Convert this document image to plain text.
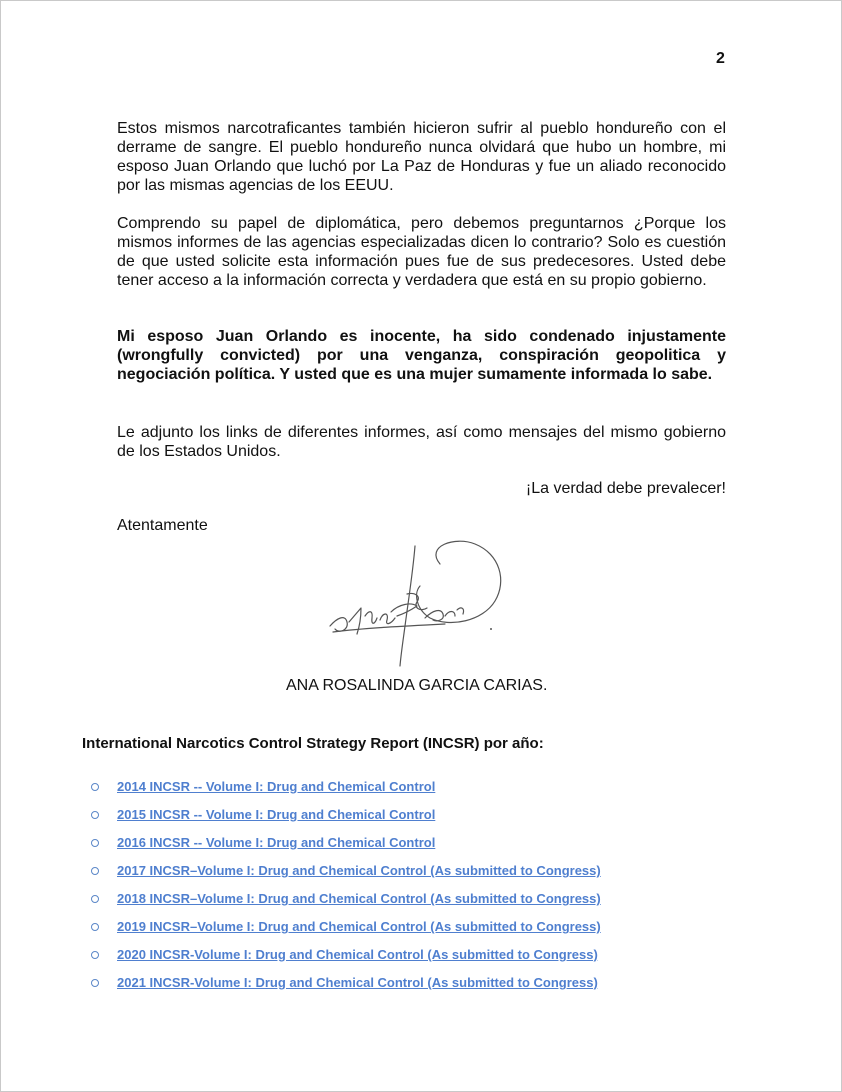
2

Estos mismos narcotraficantes también hicieron sufrir al pueblo hondureño con el derrame de sangre. El pueblo hondureño nunca olvidará que hubo un hombre, mi esposo Juan Orlando que luchó por La Paz de Honduras y fue un aliado reconocido por las mismas agencias de los EEUU.

Comprendo su papel de diplomática, pero debemos preguntarnos ¿Porque los mismos informes de las agencias especializadas dicen lo contrario? Solo es cuestión de que usted solicite esta información pues fue de sus predecesores. Usted debe tener acceso a la información correcta y verdadera que está en su propio gobierno.

Mi esposo Juan Orlando es inocente, ha sido condenado injustamente (wrongfully convicted) por una venganza, conspiración geopolitica y negociación política. Y usted que es una mujer sumamente informada lo sabe.

Le adjunto los links de diferentes informes, así como mensajes del mismo gobierno de los Estados Unidos.

¡La verdad debe prevalecer!
Atentamente
ANA ROSALINDA GARCIA CARIAS.
International Narcotics Control Strategy Report (INCSR) por año:
2014 INCSR -- Volume I: Drug and Chemical Control
2015 INCSR -- Volume I: Drug and Chemical Control
2016 INCSR -- Volume I: Drug and Chemical Control
2017 INCSR–Volume I: Drug and Chemical Control (As submitted to Congress)
2018 INCSR–Volume I: Drug and Chemical Control (As submitted to Congress)
2019 INCSR–Volume I: Drug and Chemical Control (As submitted to Congress)
2020 INCSR-Volume I: Drug and Chemical Control (As submitted to Congress)
2021 INCSR-Volume I: Drug and Chemical Control (As submitted to Congress)
